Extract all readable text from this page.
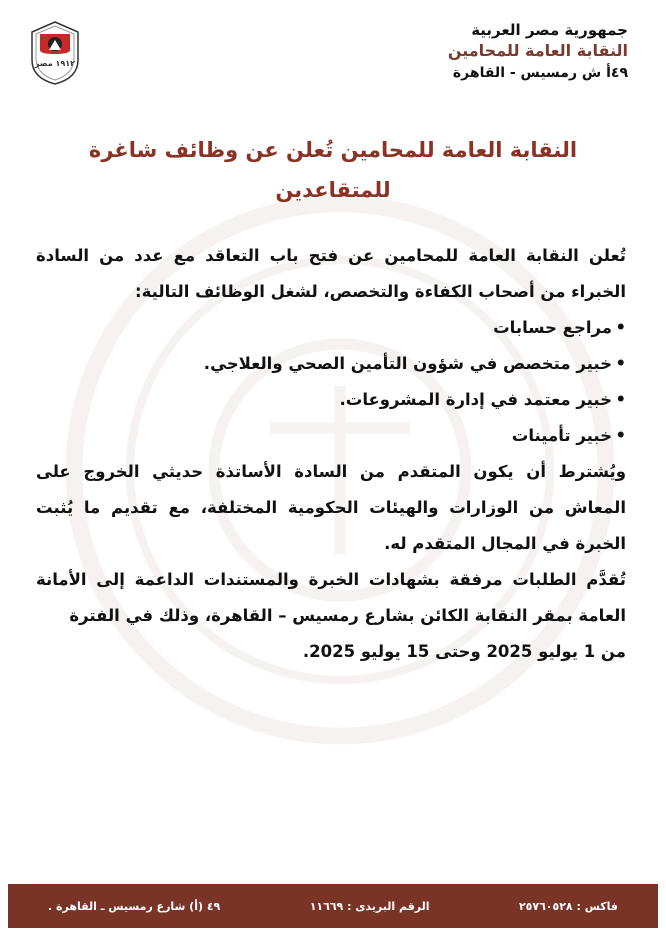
١٩١٢ مصر
جمهورية مصر العربية
النقابة العامة للمحامين
٤٩أ ش رمسيس - القاهرة
النقابة العامة للمحامين تُعلن عن وظائف شاغرة
للمتقاعدين

تُعلن النقابة العامة للمحامين عن فتح باب التعاقد مع عدد من السادة الخبراء من أصحاب الكفاءة والتخصص، لشغل الوظائف التالية:

•
مراجع حسابات
•
خبير متخصص في شؤون التأمين الصحي والعلاجي.
•
خبير معتمد في إدارة المشروعات.
•
خبير تأمينات

ويُشترط أن يكون المتقدم من السادة الأساتذة حديثي الخروج على المعاش من الوزارات والهيئات الحكومية المختلفة، مع تقديم ما يُثبت الخبرة في المجال المتقدم له.

تُقدَّم الطلبات مرفقة بشهادات الخبرة والمستندات الداعمة إلى الأمانة العامة بمقر النقابة الكائن بشارع رمسيس – القاهرة، وذلك في الفترة

من 1 يوليو 2025 وحتى 15 يوليو 2025.

٤٩ (أ) شارع رمسيس ـ القاهرة .	الرقم البريدى : ١١٦٦٩	فاكس : ٢٥٧٦٠٥٢٨
